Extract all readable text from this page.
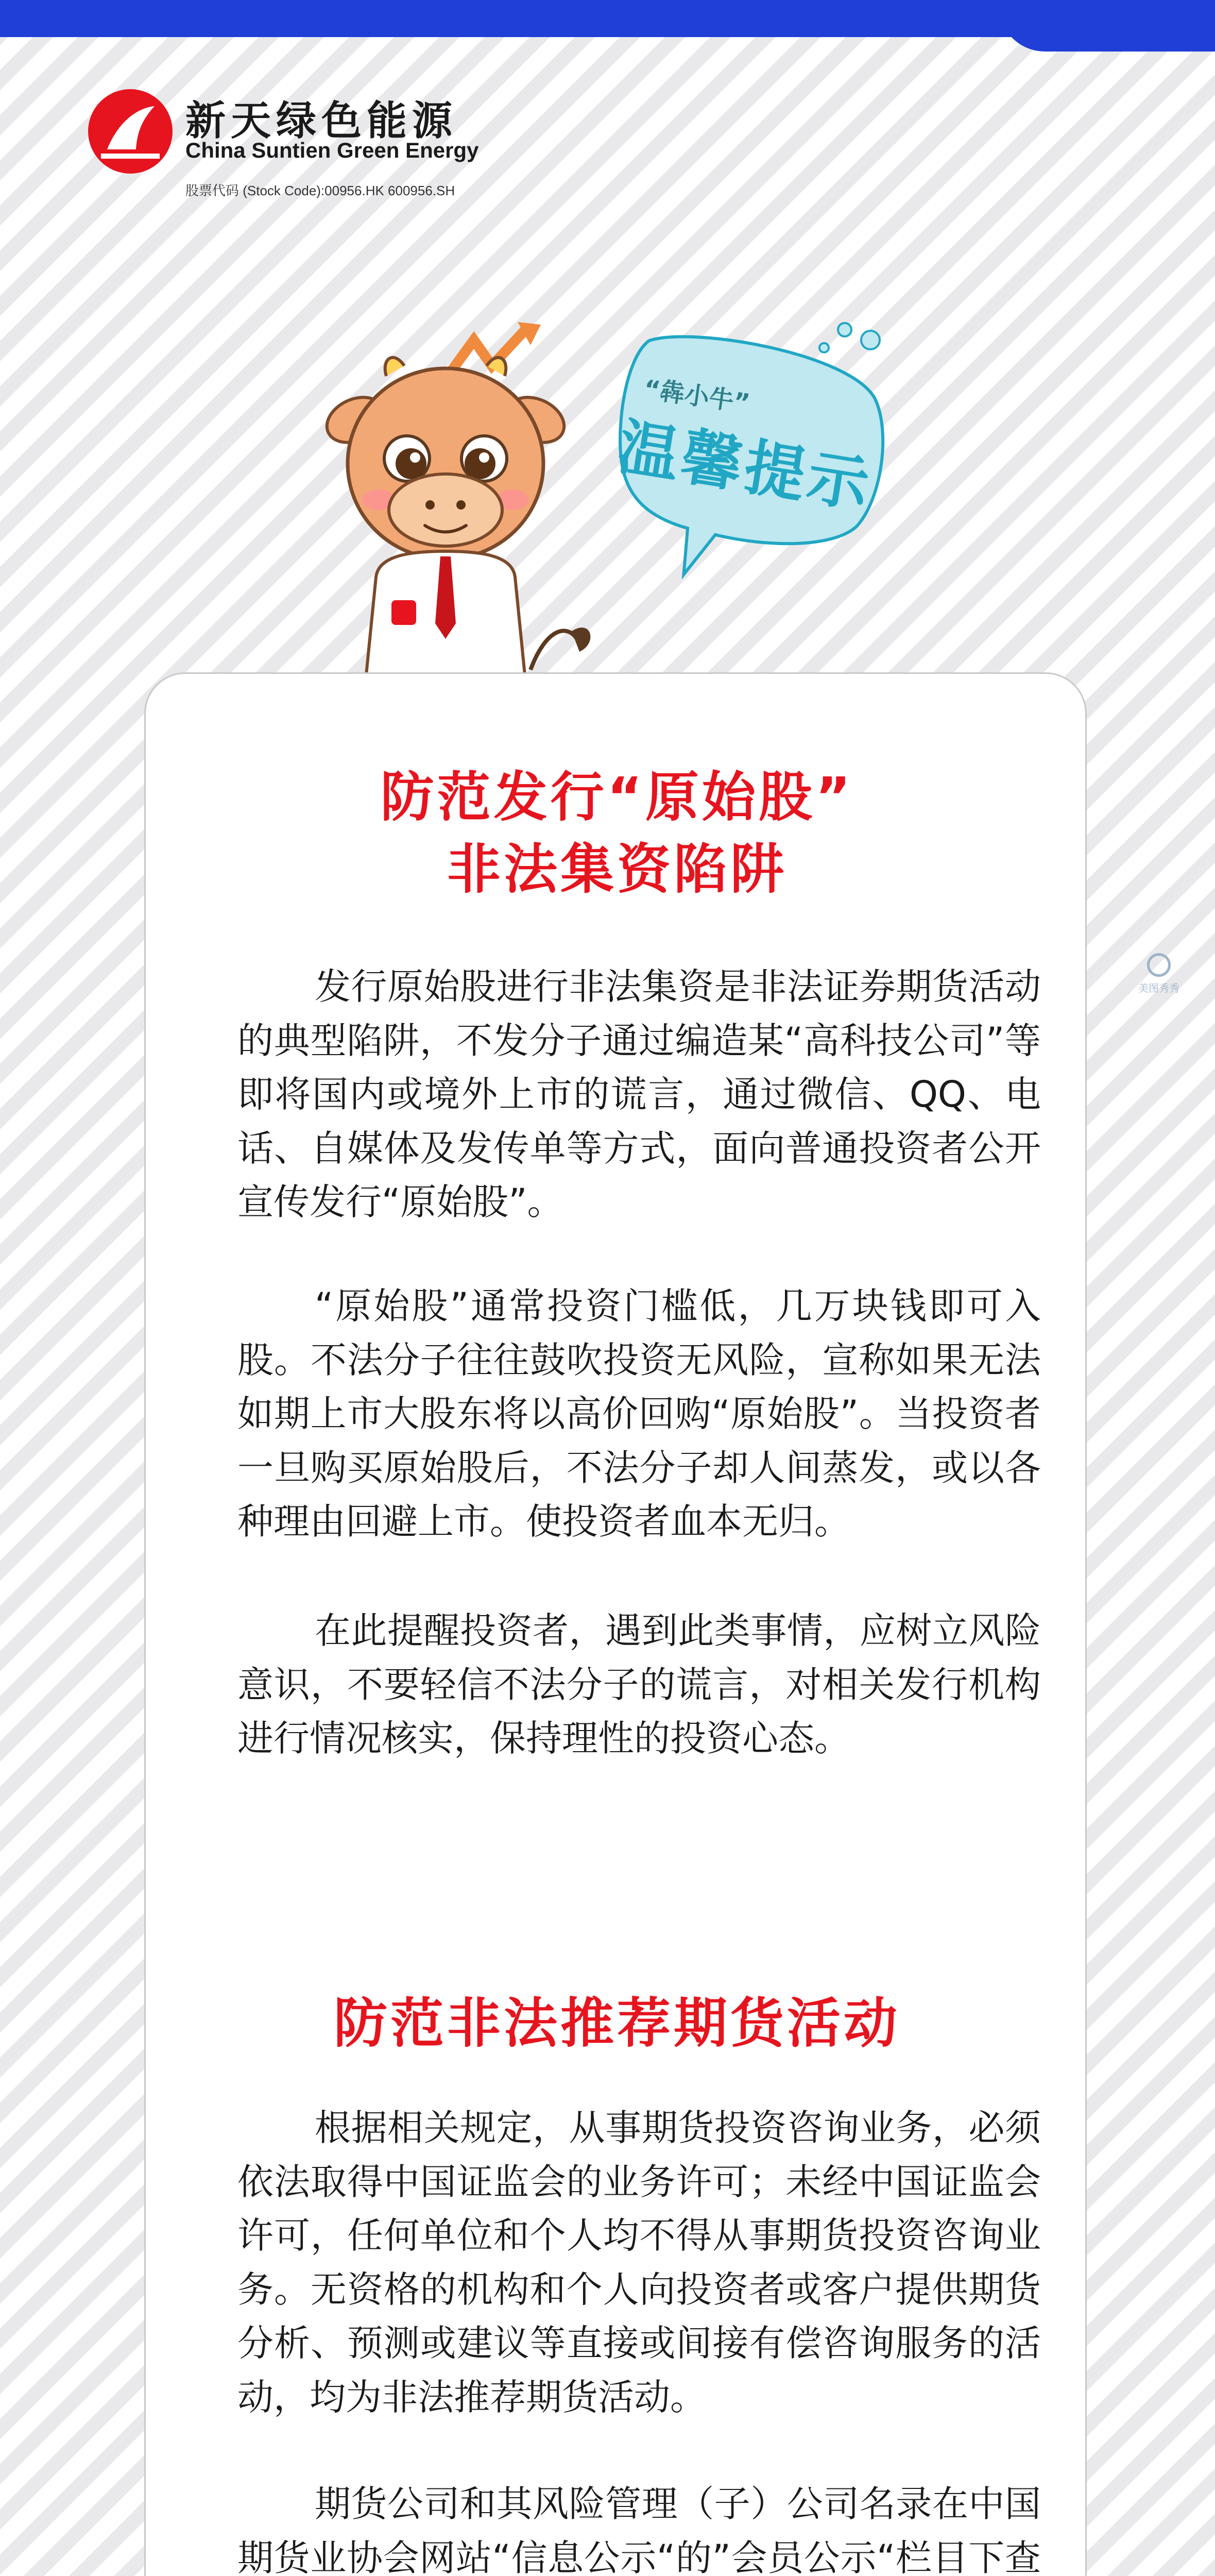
新天绿色能源
China Suntien Green Energy
股票代码 (Stock Code):00956.HK 600956.SH
“犇小牛”
温馨提示
防范发行“原始股”
非法集资陷阱

发行原始股进行非法集资是非法证券期货活动的典型陷阱，不发分子通过编造某“高科技公司”等即将国内或境外上市的谎言，通过微信、QQ、电话、自媒体及发传单等方式，面向普通投资者公开宣传发行“原始股”。

“原始股”通常投资门槛低，几万块钱即可入股。不法分子往往鼓吹投资无风险，宣称如果无法如期上市大股东将以高价回购“原始股”。当投资者一旦购买原始股后，不法分子却人间蒸发，或以各种理由回避上市。使投资者血本无归。

在此提醒投资者，遇到此类事情，应树立风险意识，不要轻信不法分子的谎言，对相关发行机构进行情况核实，保持理性的投资心态。

防范非法推荐期货活动

根据相关规定，从事期货投资咨询业务，必须依法取得中国证监会的业务许可；未经中国证监会许可，任何单位和个人均不得从事期货投资咨询业务。无资格的机构和个人向投资者或客户提供期货分析、预测或建议等直接或间接有偿咨询服务的活动，均为非法推荐期货活动。

期货公司和其风险管理（子）公司名录在中国期货业协会网站“信息公示“的”会员公示“栏目下查

美图秀秀
